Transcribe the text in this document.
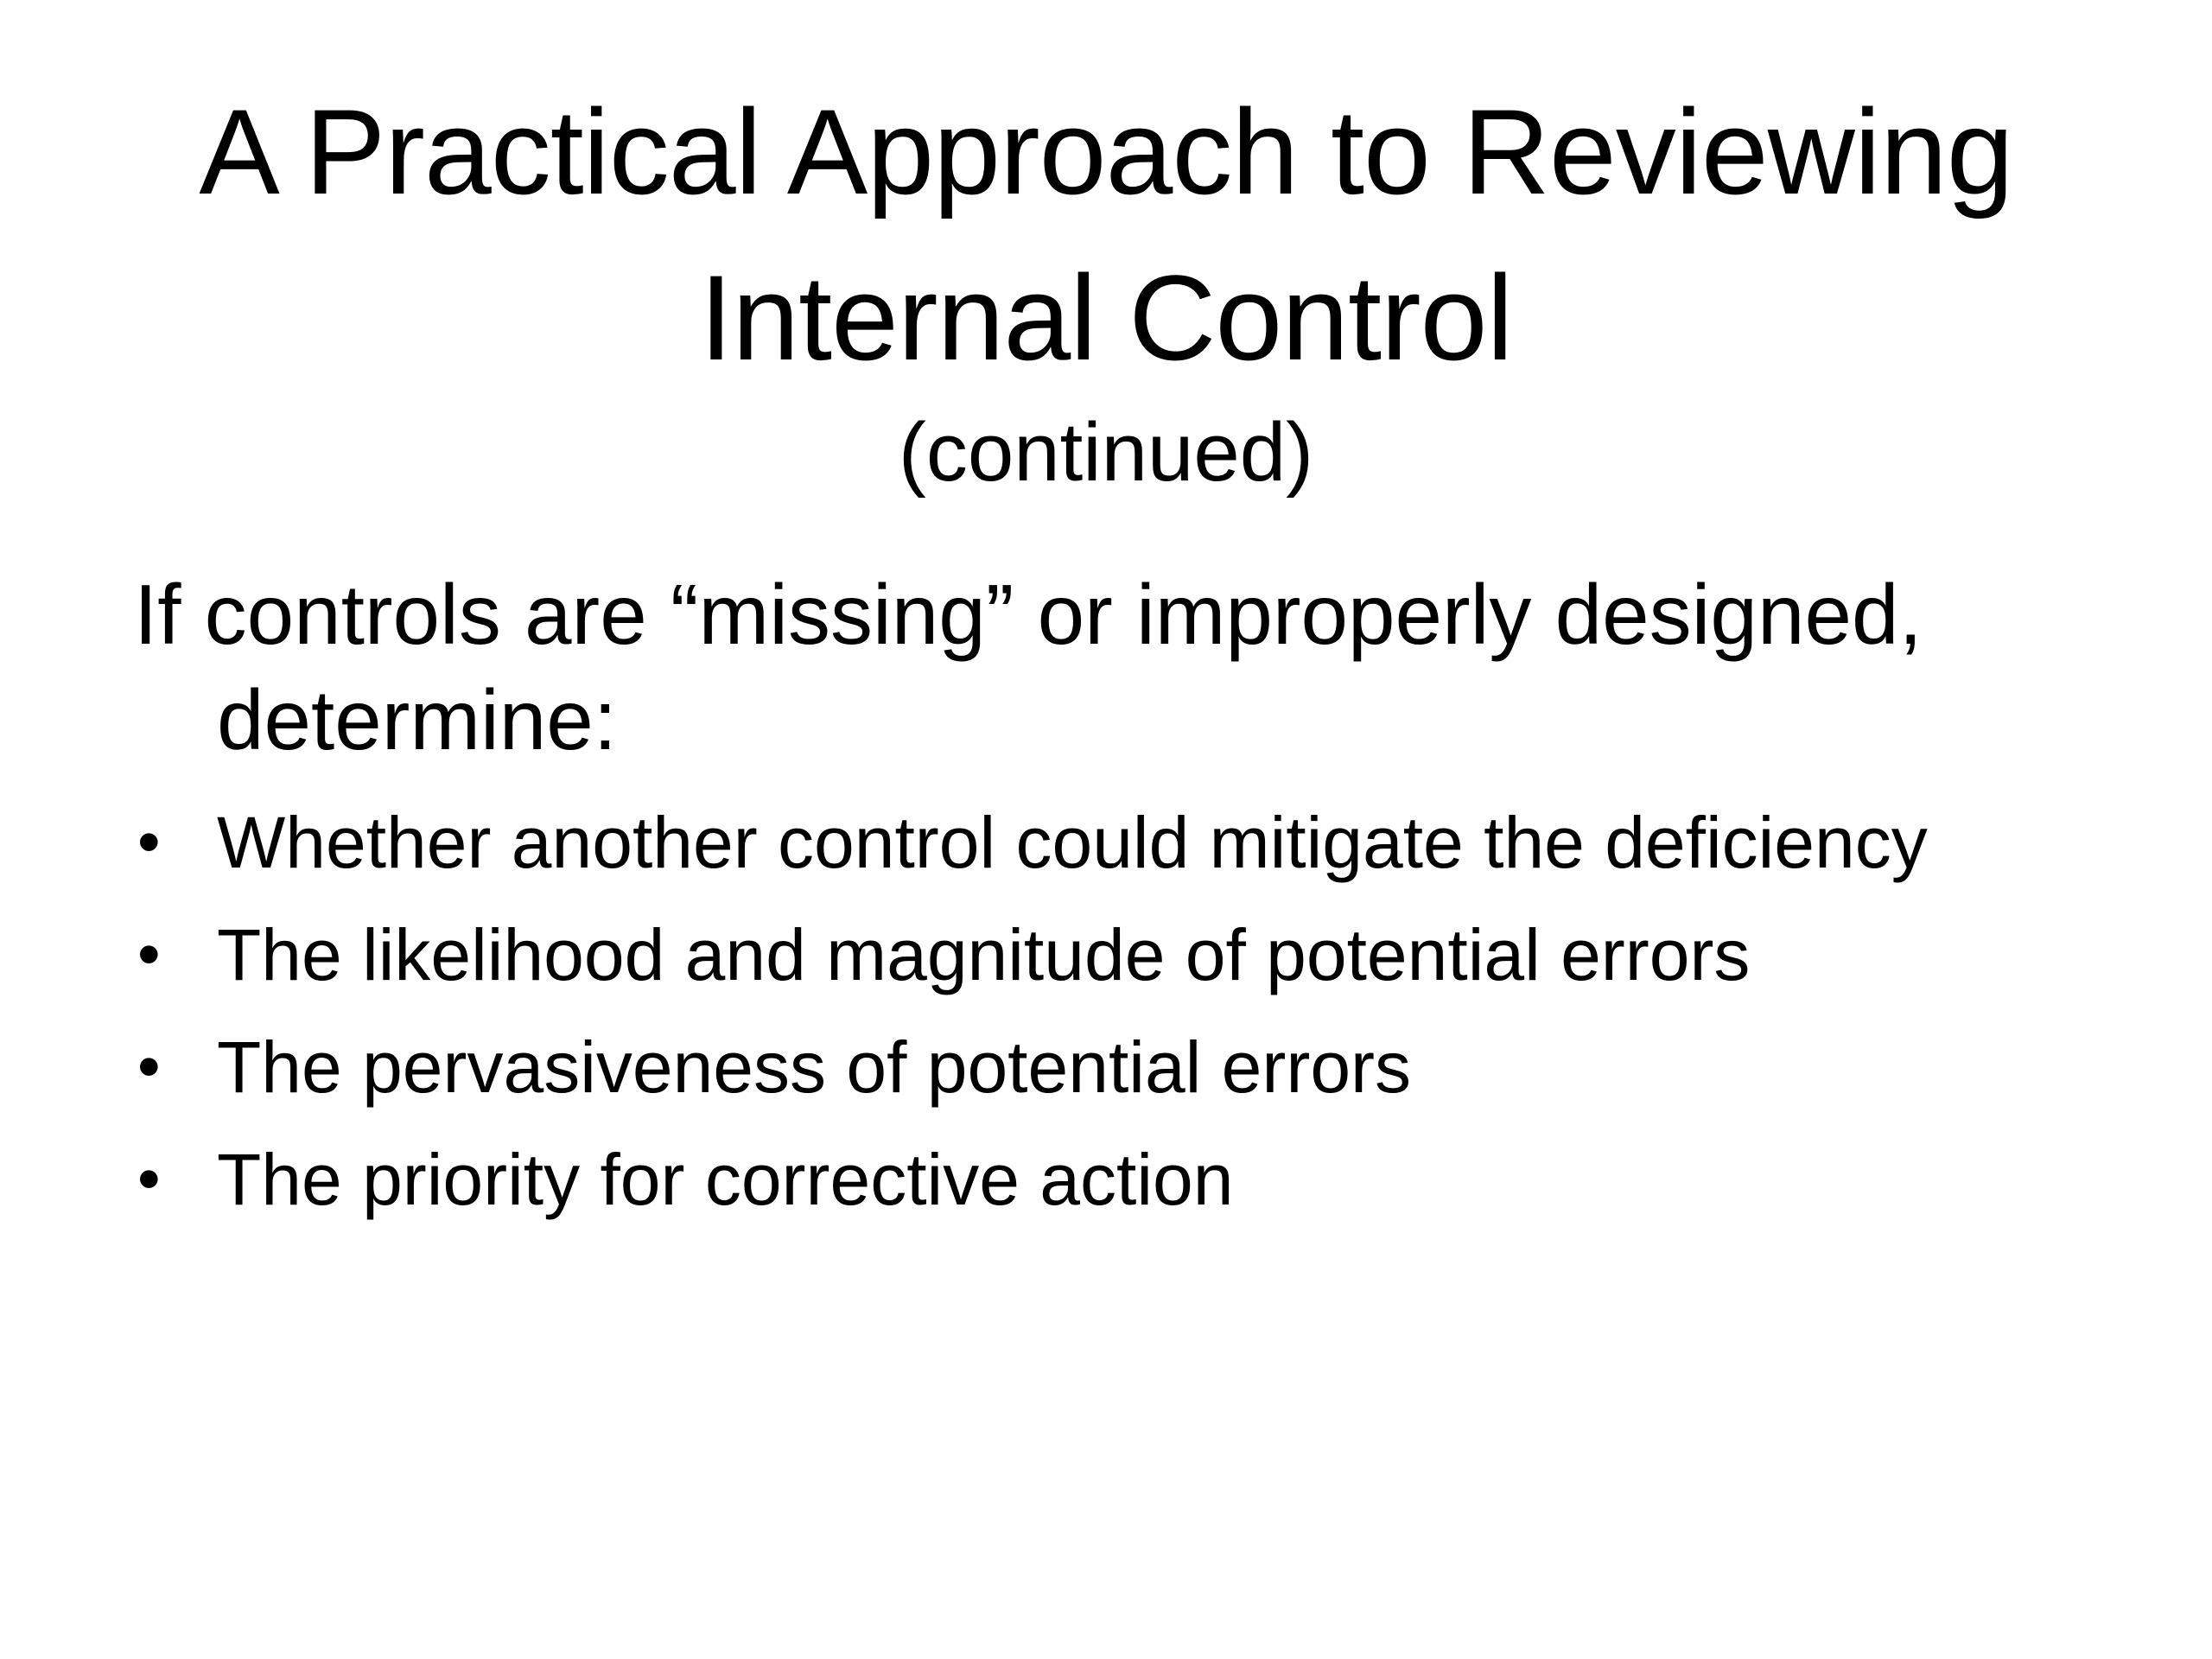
A Practical Approach to Reviewing
Internal Control
(continued)

If controls are “missing” or improperly designed, determine:

• Whether another control could mitigate the deficiency
• The likelihood and magnitude of potential errors
• The pervasiveness of potential errors
• The priority for corrective action
